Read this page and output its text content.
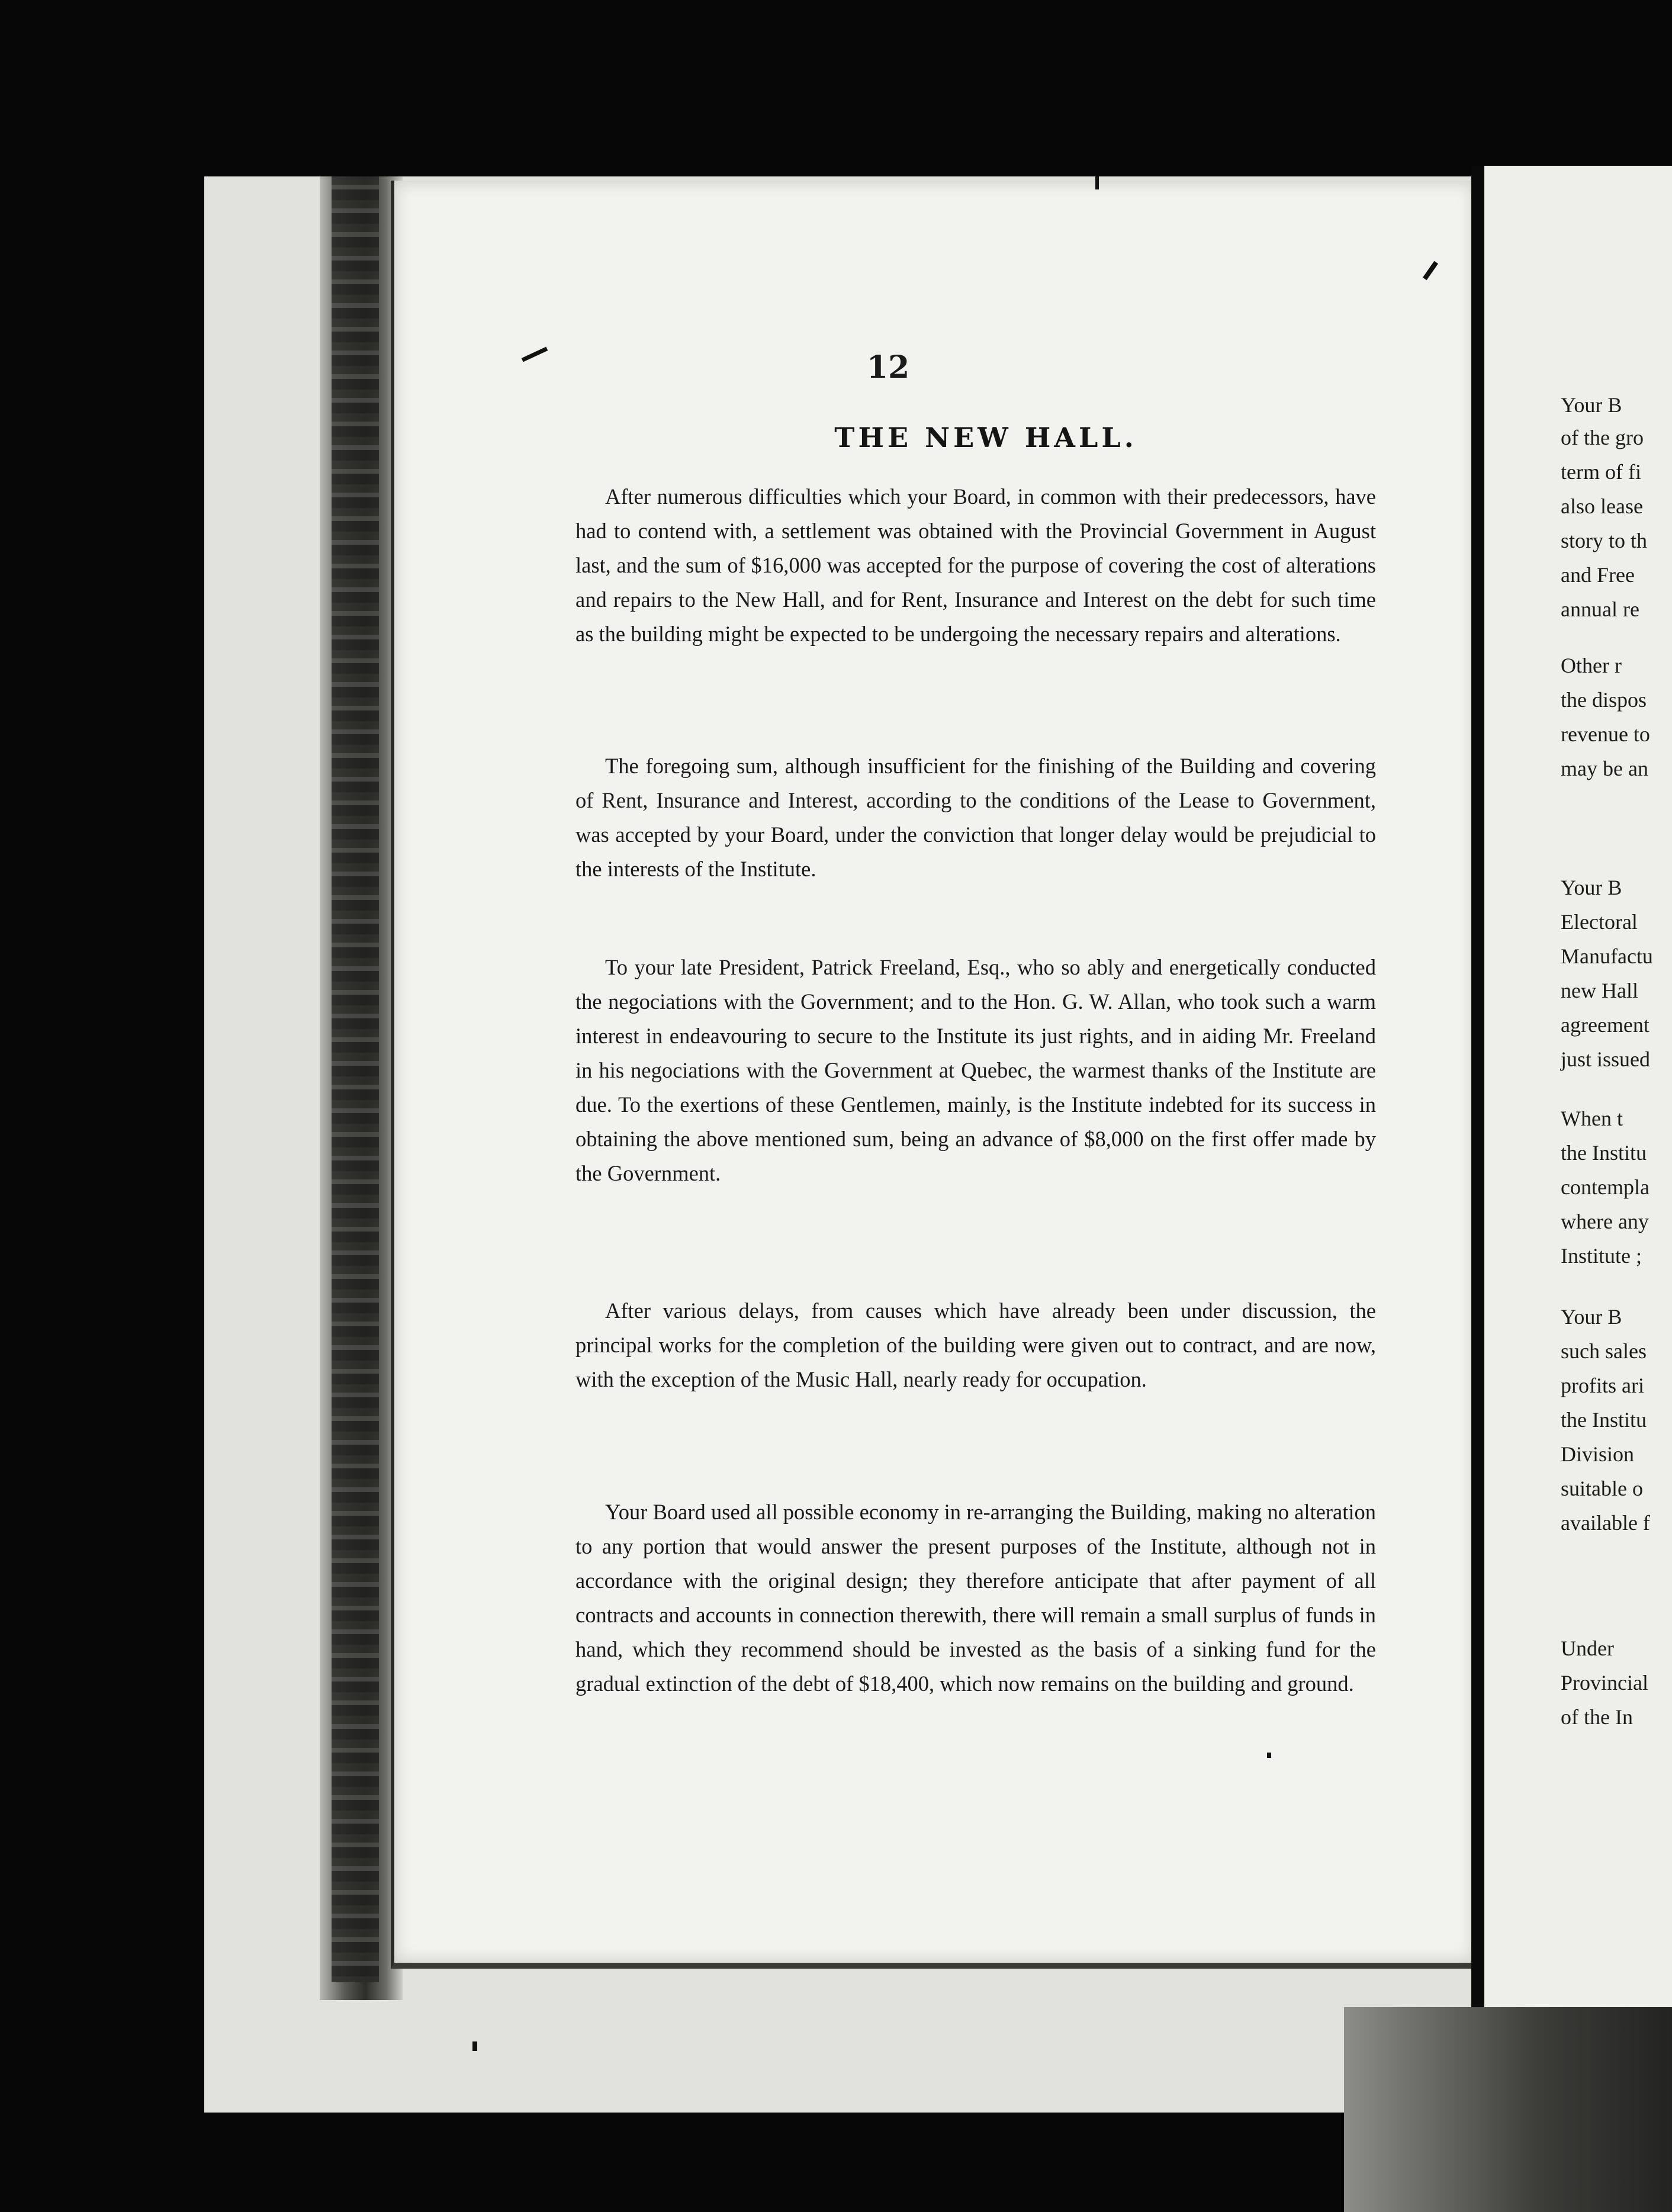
12
THE NEW HALL.

After numerous difficulties which your Board, in common with their predecessors, have had to contend with, a settlement was obtained with the Provincial Government in August last, and the sum of $16,000 was accepted for the purpose of covering the cost of alterations and repairs to the New Hall, and for Rent, Insurance and Interest on the debt for such time as the building might be expected to be undergoing the necessary repairs and alterations.

The foregoing sum, although insufficient for the finishing of the Building and covering of Rent, Insurance and Interest, according to the conditions of the Lease to Government, was accepted by your Board, under the conviction that longer delay would be prejudicial to the interests of the Institute.

To your late President, Patrick Freeland, Esq., who so ably and energetically conducted the negociations with the Government; and to the Hon. G. W. Allan, who took such a warm interest in endeavouring to secure to the Institute its just rights, and in aiding Mr. Freeland in his negociations with the Government at Quebec, the warmest thanks of the Institute are due. To the exertions of these Gentlemen, mainly, is the Institute indebted for its success in obtaining the above mentioned sum, being an advance of $8,000 on the first offer made by the Government.

After various delays, from causes which have already been under discussion, the principal works for the completion of the building were given out to contract, and are now, with the exception of the Music Hall, nearly ready for occupation.

Your Board used all possible economy in re-arranging the Building, making no alteration to any portion that would answer the present purposes of the Institute, although not in accordance with the original design; they therefore anticipate that after payment of all contracts and accounts in connection therewith, there will remain a small surplus of funds in hand, which they recommend should be invested as the basis of a sinking fund for the gradual extinction of the debt of $18,400, which now remains on the building and ground.

Your B

of the gro

term of fi

also lease

story to th

and Free

annual re

Other r

the dispos

revenue to

may be an

Your B

Electoral

Manufactu

new Hall

agreement

just issued

When t

the Institu

contempla

where any

Institute ;

Your B

such sales

profits ari

the Institu

Division

suitable o

available f

Under

Provincial

of the In
